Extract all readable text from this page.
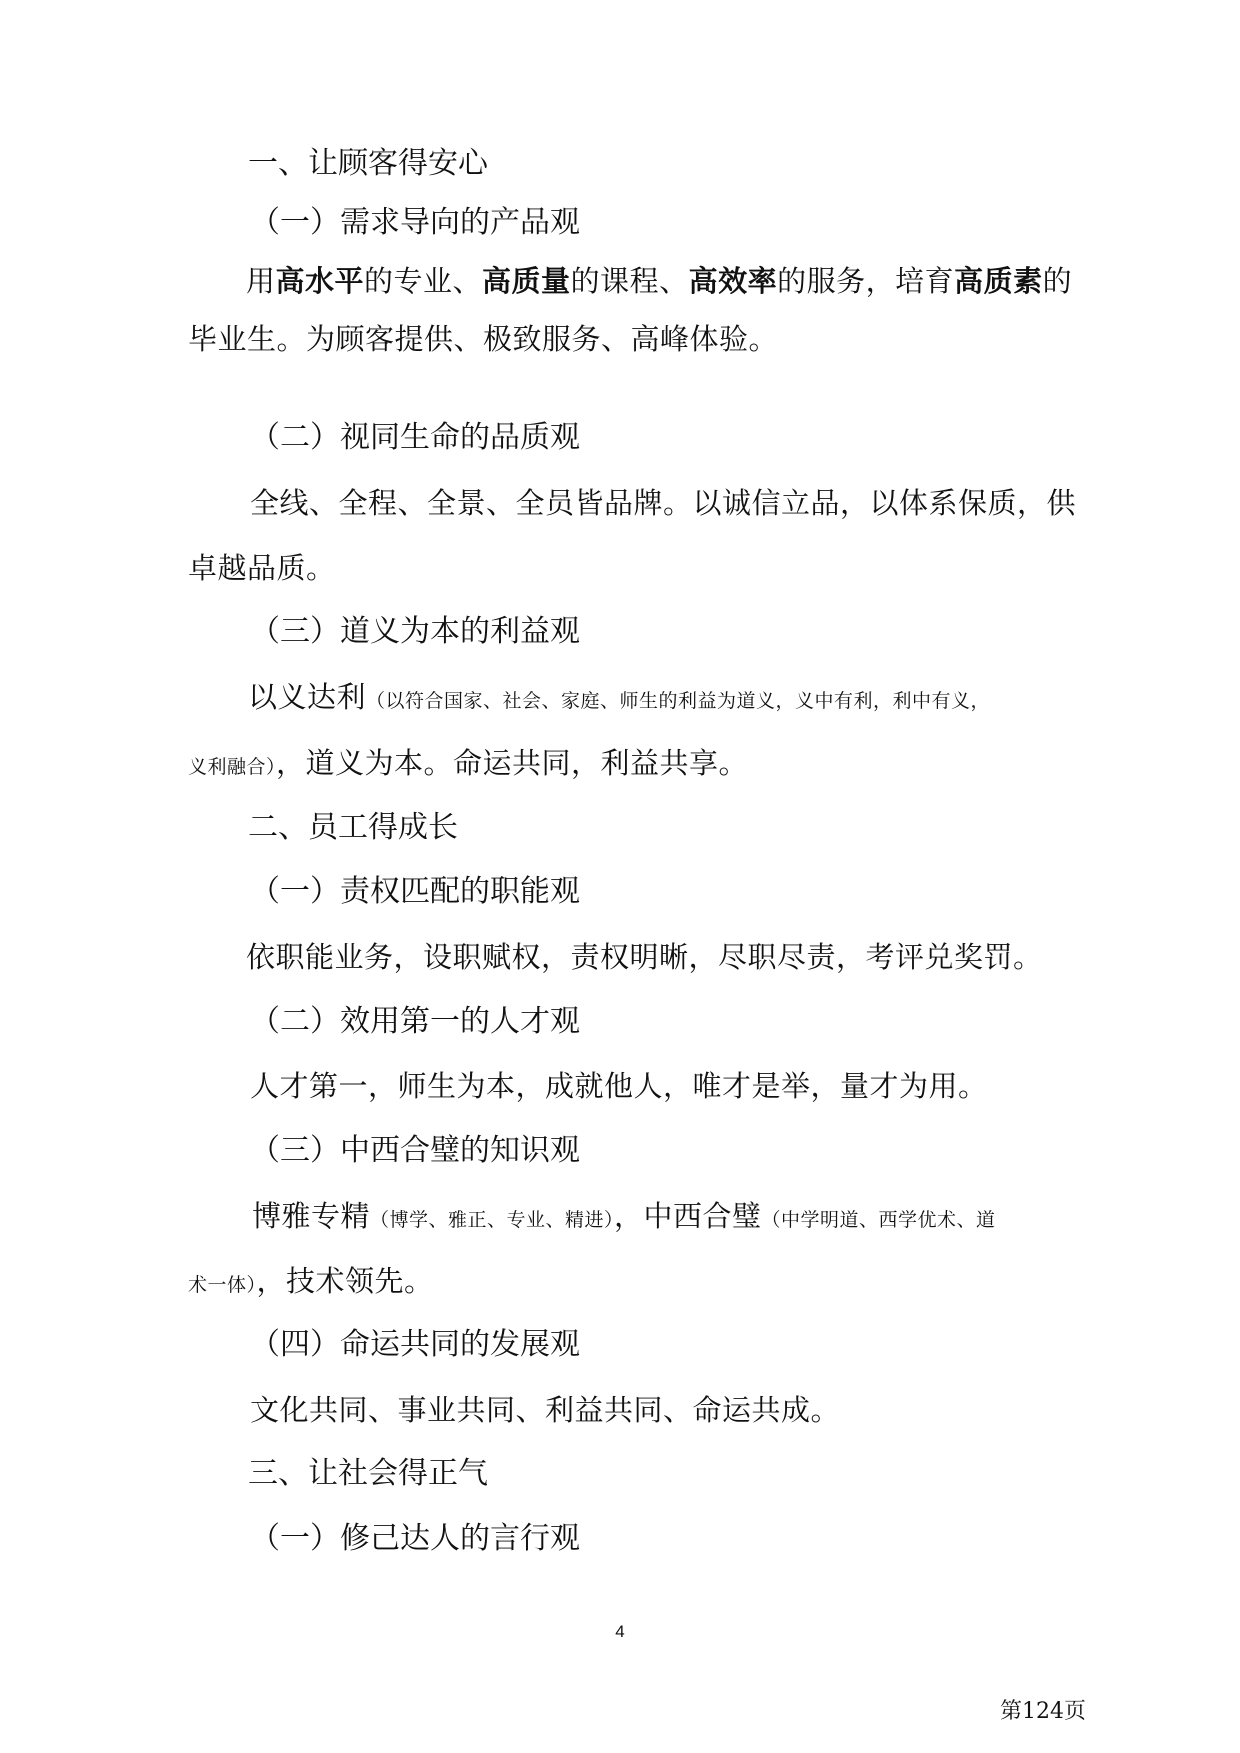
一、让顾客得安心
（一）需求导向的产品观
用高水平的专业、高质量的课程、高效率的服务，培育高质素的
毕业生。为顾客提供、极致服务、高峰体验。
（二）视同生命的品质观
全线、全程、全景、全员皆品牌。以诚信立品，以体系保质，供
卓越品质。
（三）道义为本的利益观
以义达利（以符合国家、社会、家庭、师生的利益为道义，义中有利，利中有义，
义利融合），道义为本。命运共同，利益共享。
二、员工得成长
（一）责权匹配的职能观
依职能业务，设职赋权，责权明晰，尽职尽责，考评兑奖罚。
（二）效用第一的人才观
人才第一，师生为本，成就他人，唯才是举，量才为用。
（三）中西合璧的知识观
博雅专精（博学、雅正、专业、精进），中西合璧（中学明道、西学优术、道
术一体），技术领先。
（四）命运共同的发展观
文化共同、事业共同、利益共同、命运共成。
三、让社会得正气
（一）修己达人的言行观
4
第124页
